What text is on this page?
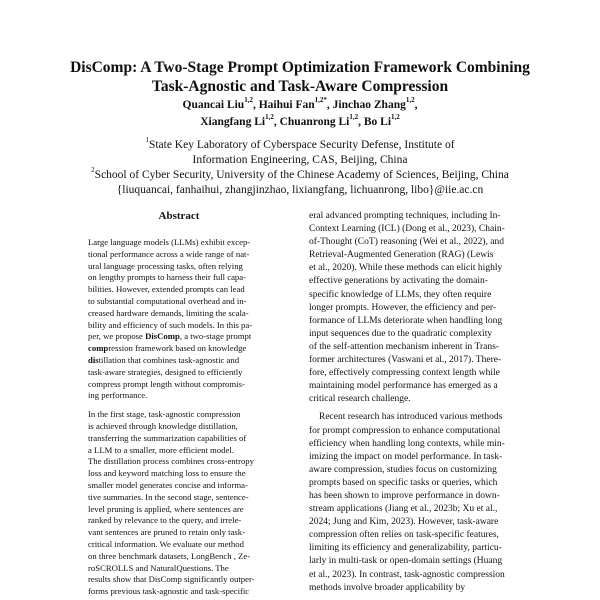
DisComp: A Two-Stage Prompt Optimization Framework Combining
Task-Agnostic and Task-Aware Compression
Quancai Liu$^{1,2}$, Haihui Fan$^{1,2*}$, Jinchao Zhang$^{1,2}$,
Xiangfang Li$^{1,2}$, Chuanrong Li$^{1,2}$, Bo Li$^{1,2}$
$^1$State Key Laboratory of Cyberspace Security Defense, Institute of
Information Engineering, CAS, Beijing, China
$^2$School of Cyber Security, University of the Chinese Academy of Sciences, Beijing, China
{liuquancai, fanhaihui, zhangjinzhao, lixiangfang, lichuanrong, libo}@iie.ac.cn
Abstract
Large language models (LLMs) exhibit excep-
tional performance across a wide range of nat-
ural language processing tasks, often relying
on lengthy prompts to harness their full capa-
bilities. However, extended prompts can lead
to substantial computational overhead and in-
creased hardware demands, limiting the scala-
bility and efficiency of such models. In this pa-
per, we propose DisComp, a two-stage prompt
compression framework based on knowledge
distillation that combines task-agnostic and
task-aware strategies, designed to efficiently
compress prompt length without compromis-
ing performance.
In the first stage, task-agnostic compression
is achieved through knowledge distillation,
transferring the summarization capabilities of
a LLM to a smaller, more efficient model.
The distillation process combines cross-entropy
loss and keyword matching loss to ensure the
smaller model generates concise and informa-
tive summaries. In the second stage, sentence-
level pruning is applied, where sentences are
ranked by relevance to the query, and irrele-
vant sentences are pruned to retain only task-
critical information. We evaluate our method
on three benchmark datasets, LongBench , Ze-
roSCROLLS and NaturalQuestions. The
results show that DisComp significantly outper-
forms previous task-agnostic and task-specific
eral advanced prompting techniques, including In-
Context Learning (ICL) (Dong et al., 2023), Chain-
of-Thought (CoT) reasoning (Wei et al., 2022), and
Retrieval-Augmented Generation (RAG) (Lewis
et al., 2020). While these methods can elicit highly
effective generations by activating the domain-
specific knowledge of LLMs, they often require
longer prompts. However, the efficiency and per-
formance of LLMs deteriorate when handling long
input sequences due to the quadratic complexity
of the self-attention mechanism inherent in Trans-
former architectures (Vaswani et al., 2017). There-
fore, effectively compressing context length while
maintaining model performance has emerged as a
critical research challenge.
Recent research has introduced various methods
for prompt compression to enhance computational
efficiency when handling long contexts, while min-
imizing the impact on model performance. In task-
aware compression, studies focus on customizing
prompts based on specific tasks or queries, which
has been shown to improve performance in down-
stream applications (Jiang et al., 2023b; Xu et al.,
2024; Jung and Kim, 2023). However, task-aware
compression often relies on task-specific features,
limiting its efficiency and generalizability, particu-
larly in multi-task or open-domain settings (Huang
et al., 2023). In contrast, task-agnostic compression
methods involve broader applicability by
